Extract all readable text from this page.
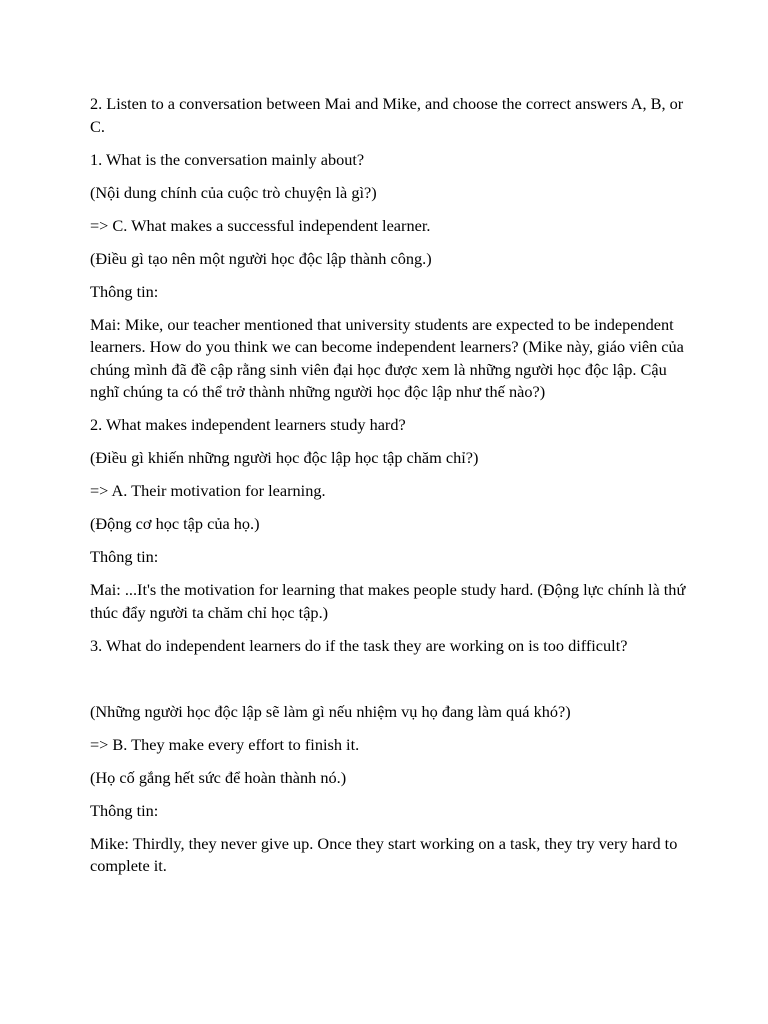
2. Listen to a conversation between Mai and Mike, and choose the correct answers A, B, or C.

1. What is the conversation mainly about?

(Nội dung chính của cuộc trò chuyện là gì?)

=> C. What makes a successful independent learner.

(Điều gì tạo nên một người học độc lập thành công.)

Thông tin:

Mai: Mike, our teacher mentioned that university students are expected to be independent learners. How do you think we can become independent learners? (Mike này, giáo viên của chúng mình đã đề cập rằng sinh viên đại học được xem là những người học độc lập. Cậu nghĩ chúng ta có thể trở thành những người học độc lập như thế nào?)

2. What makes independent learners study hard?

(Điều gì khiến những người học độc lập học tập chăm chỉ?)

=> A. Their motivation for learning.

(Động cơ học tập của họ.)

Thông tin:

Mai: ...It's the motivation for learning that makes people study hard. (Động lực chính là thứ thúc đẩy người ta chăm chỉ học tập.)

3. What do independent learners do if the task they are working on is too difficult?

(Những người học độc lập sẽ làm gì nếu nhiệm vụ họ đang làm quá khó?)

=> B. They make every effort to finish it.

(Họ cố gắng hết sức để hoàn thành nó.)

Thông tin:

Mike: Thirdly, they never give up. Once they start working on a task, they try very hard to complete it.
